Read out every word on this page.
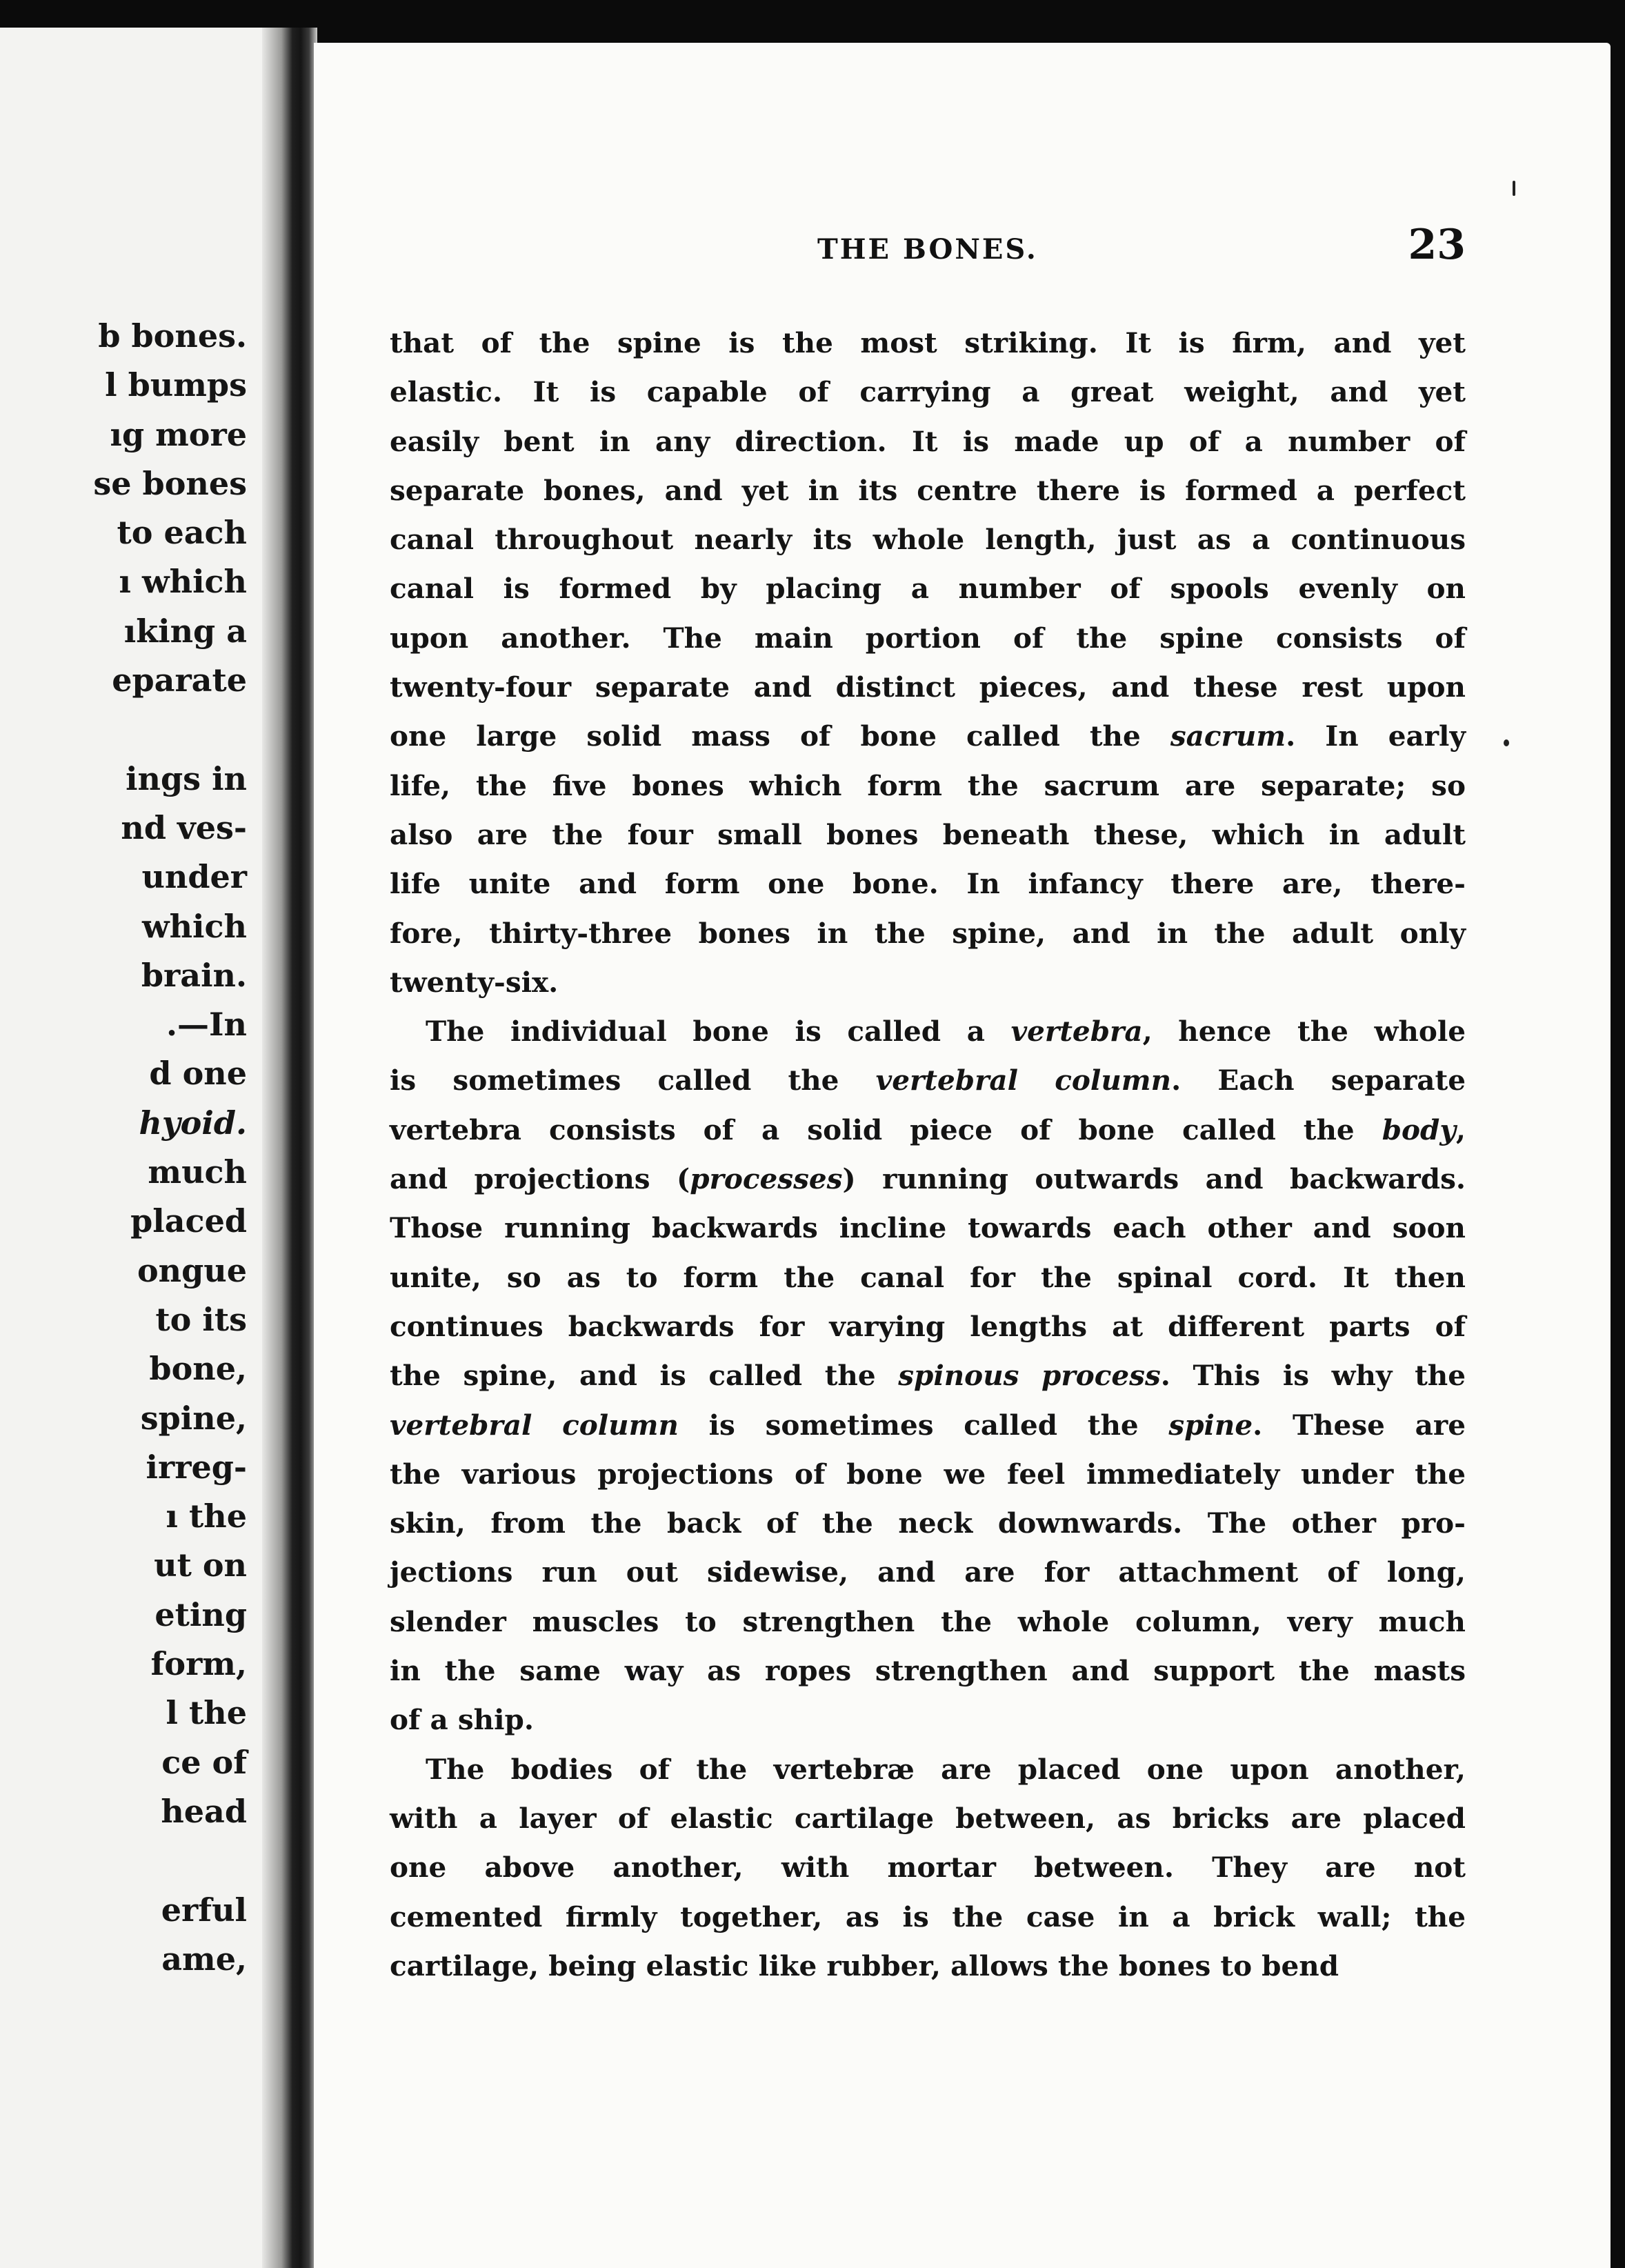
b bones.
l bumps
ıg more
se bones
to each
ı which
ıking a
eparate
ings in
nd ves-
under
which
brain.
.—In
d one
hyoid.
much
placed
ongue
to its
bone,
spine,
irreg-
ı the
ut on
eting
form,
l the
ce of
head
erful
ame,
THE BONES.	23
that of the spine is the most striking. It is firm, and yet
elastic. It is capable of carrying a great weight, and yet
easily bent in any direction. It is made up of a number of
separate bones, and yet in its centre there is formed a perfect
canal throughout nearly its whole length, just as a continuous
canal is formed by placing a number of spools evenly on
upon another. The main portion of the spine consists of
twenty-four separate and distinct pieces, and these rest upon
one large solid mass of bone called the sacrum. In early
life, the five bones which form the sacrum are separate; so
also are the four small bones beneath these, which in adult
life unite and form one bone. In infancy there are, there-
fore, thirty-three bones in the spine, and in the adult only
twenty-six.
The individual bone is called a vertebra, hence the whole
is sometimes called the vertebral column. Each separate
vertebra consists of a solid piece of bone called the body,
and projections (processes) running outwards and backwards.
Those running backwards incline towards each other and soon
unite, so as to form the canal for the spinal cord. It then
continues backwards for varying lengths at different parts of
the spine, and is called the spinous process. This is why the
vertebral column is sometimes called the spine. These are
the various projections of bone we feel immediately under the
skin, from the back of the neck downwards. The other pro-
jections run out sidewise, and are for attachment of long,
slender muscles to strengthen the whole column, very much
in the same way as ropes strengthen and support the masts
of a ship.
The bodies of the vertebræ are placed one upon another,
with a layer of elastic cartilage between, as bricks are placed
one above another, with mortar between. They are not
cemented firmly together, as is the case in a brick wall; the
cartilage, being elastic like rubber, allows the bones to bend
